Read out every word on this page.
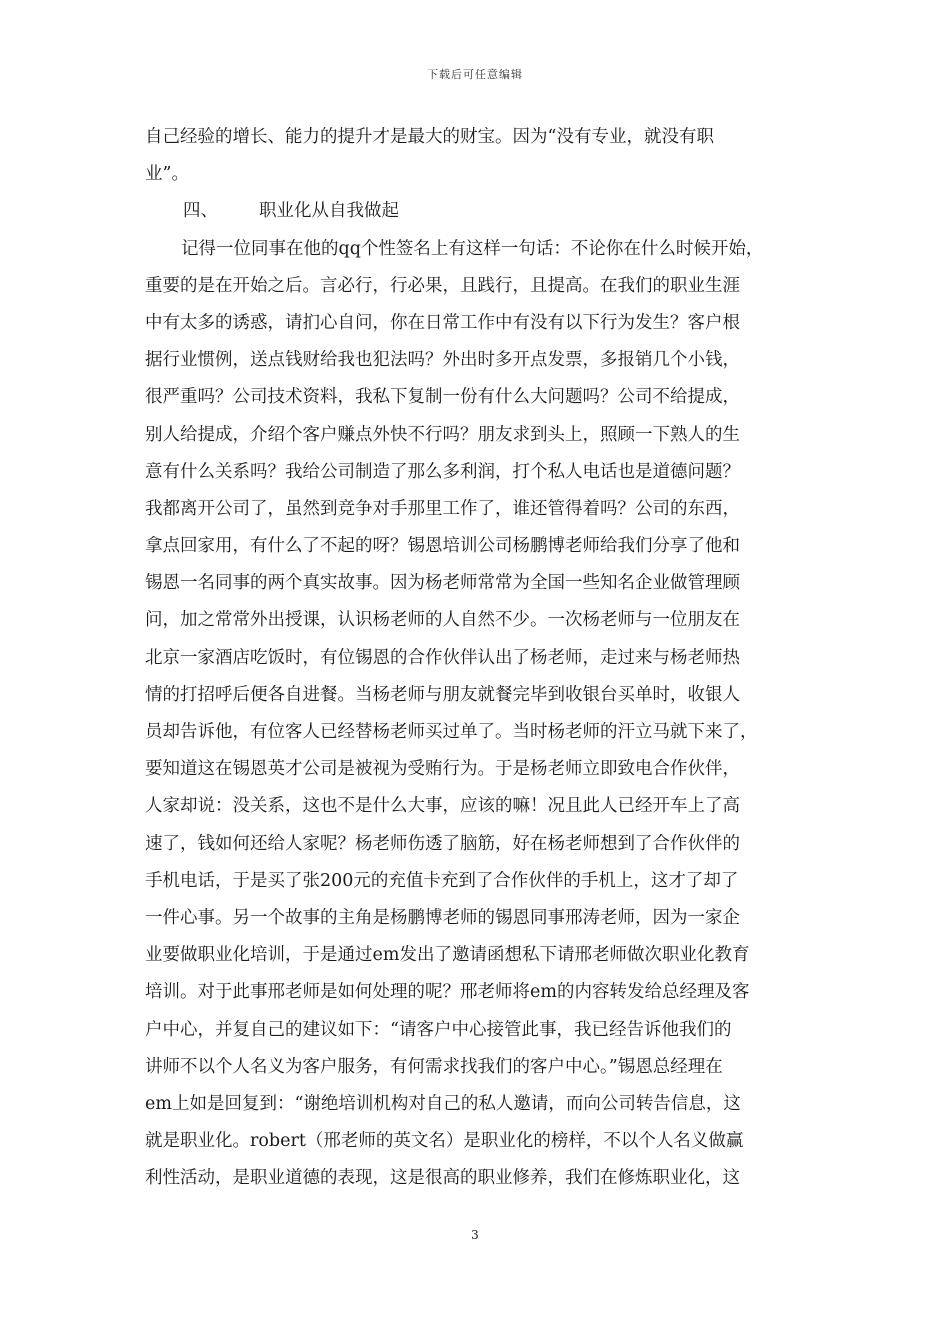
下载后可任意编辑
自己经验的增长、能力的提升才是最大的财宝。因为“没有专业，就没有职
业”。
四、 职业化从自我做起
记得一位同事在他的qq个性签名上有这样一句话：不论你在什么时候开始，
重要的是在开始之后。言必行，行必果，且践行，且提高。在我们的职业生涯
中有太多的诱惑，请扪心自问，你在日常工作中有没有以下行为发生？客户根
据行业惯例，送点钱财给我也犯法吗？外出时多开点发票，多报销几个小钱，
很严重吗？公司技术资料，我私下复制一份有什么大问题吗？公司不给提成，
别人给提成，介绍个客户赚点外快不行吗？朋友求到头上，照顾一下熟人的生
意有什么关系吗？我给公司制造了那么多利润，打个私人电话也是道德问题？
我都离开公司了，虽然到竞争对手那里工作了，谁还管得着吗？公司的东西，
拿点回家用，有什么了不起的呀？锡恩培训公司杨鹏博老师给我们分享了他和
锡恩一名同事的两个真实故事。因为杨老师常常为全国一些知名企业做管理顾
问，加之常常外出授课，认识杨老师的人自然不少。一次杨老师与一位朋友在
北京一家酒店吃饭时，有位锡恩的合作伙伴认出了杨老师，走过来与杨老师热
情的打招呼后便各自进餐。当杨老师与朋友就餐完毕到收银台买单时，收银人
员却告诉他，有位客人已经替杨老师买过单了。当时杨老师的汗立马就下来了，
要知道这在锡恩英才公司是被视为受贿行为。于是杨老师立即致电合作伙伴，
人家却说：没关系，这也不是什么大事，应该的嘛！况且此人已经开车上了高
速了，钱如何还给人家呢？杨老师伤透了脑筋，好在杨老师想到了合作伙伴的
手机电话，于是买了张200元的充值卡充到了合作伙伴的手机上，这才了却了
一件心事。另一个故事的主角是杨鹏博老师的锡恩同事邢涛老师，因为一家企
业要做职业化培训，于是通过em发出了邀请函想私下请邢老师做次职业化教育
培训。对于此事邢老师是如何处理的呢？邢老师将em的内容转发给总经理及客
户中心，并复自己的建议如下：“请客户中心接管此事，我已经告诉他我们的
讲师不以个人名义为客户服务，有何需求找我们的客户中心。”锡恩总经理在
em上如是回复到：“谢绝培训机构对自己的私人邀请，而向公司转告信息，这
就是职业化。robert（邢老师的英文名）是职业化的榜样，不以个人名义做赢
利性活动，是职业道德的表现，这是很高的职业修养，我们在修炼职业化，这
3
